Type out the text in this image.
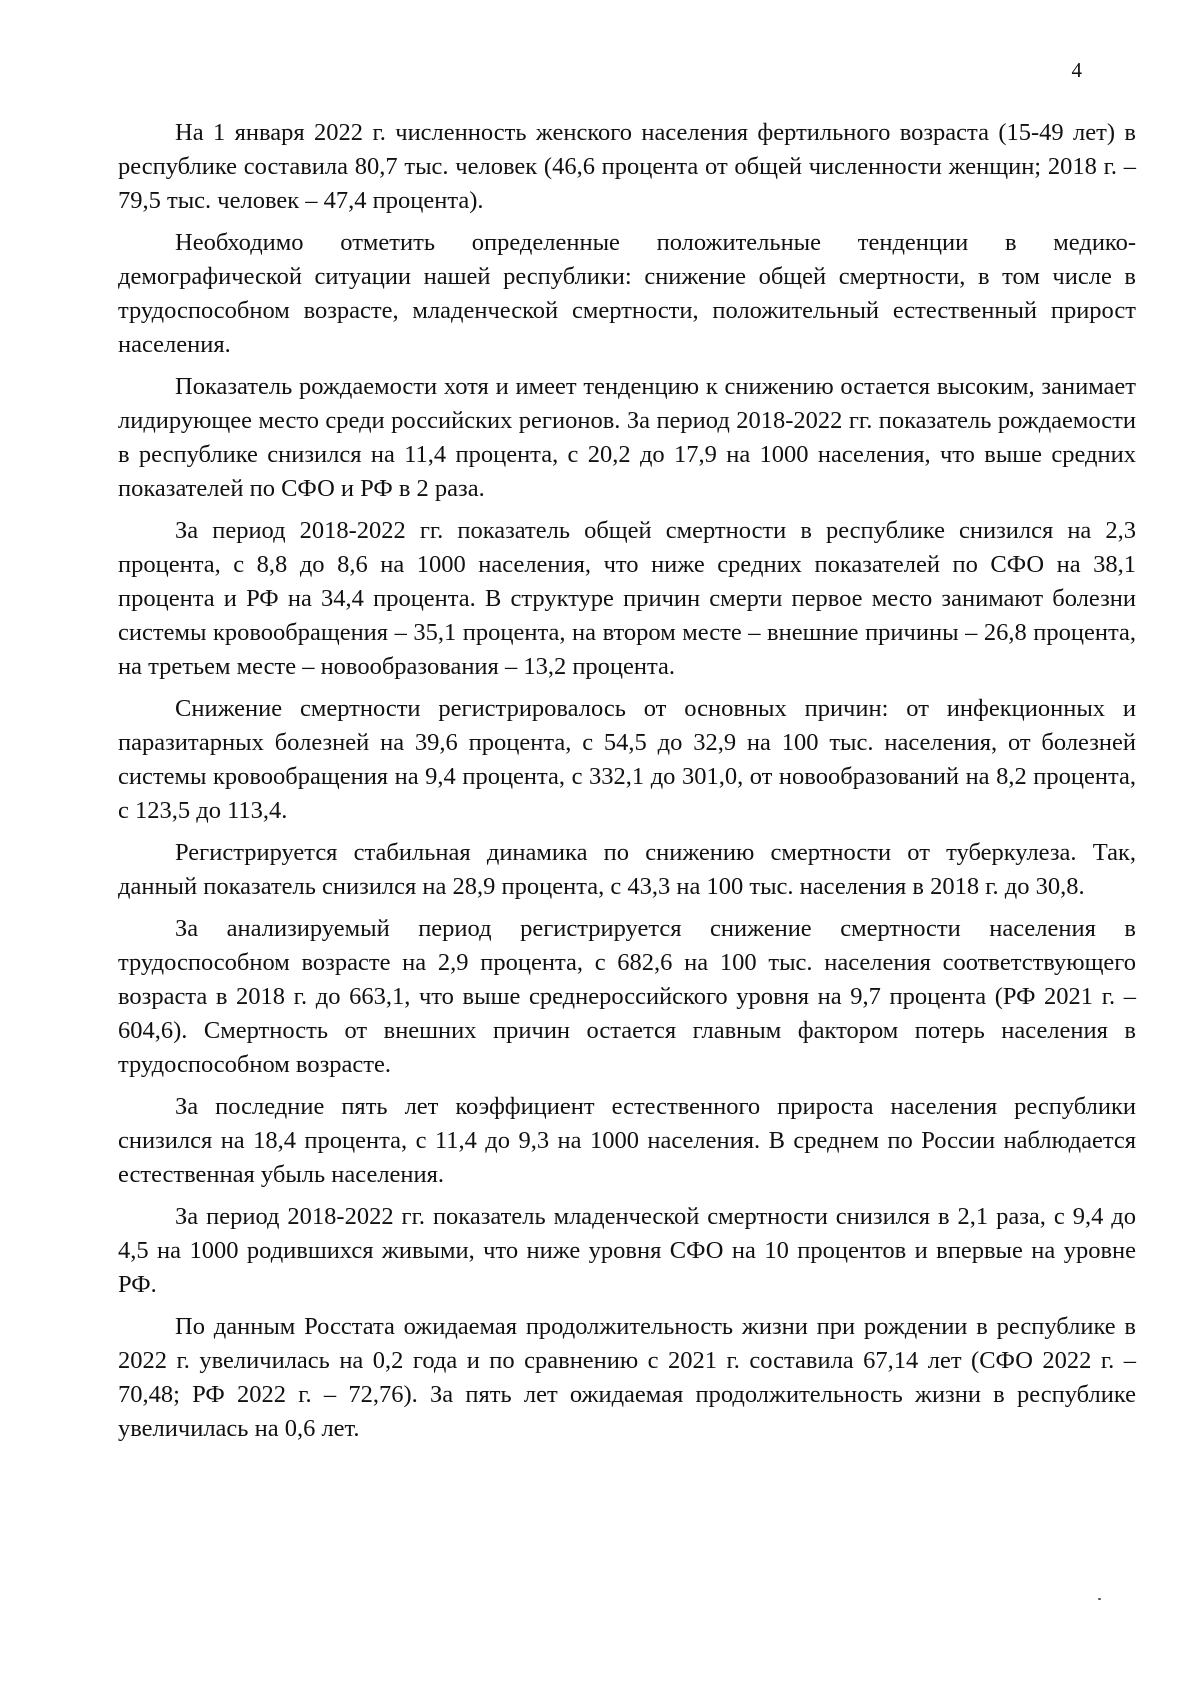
4

На 1 января 2022 г. численность женского населения фертильного возраста (15-49 лет) в республике составила 80,7 тыс. человек (46,6 процента от общей численности женщин; 2018 г. –79,5 тыс. человек – 47,4 процента).

Необходимо отметить определенные положительные тенденции в медико-демографической ситуации нашей республики: снижение общей смертности, в том числе в трудоспособном возрасте, младенческой смертности, положительный естественный прирост населения.

Показатель рождаемости хотя и имеет тенденцию к снижению остается высоким, занимает лидирующее место среди российских регионов. За период 2018-2022 гг. показатель рождаемости в республике снизился на 11,4 процента, с 20,2 до 17,9 на 1000 населения, что выше средних показателей по СФО и РФ в 2 раза.

За период 2018-2022 гг. показатель общей смертности в республике снизился на 2,3 процента, с 8,8 до 8,6 на 1000 населения, что ниже средних показателей по СФО на 38,1 процента и РФ на 34,4 процента. В структуре причин смерти первое место занимают болезни системы кровообращения – 35,1 процента, на втором месте – внешние причины – 26,8 процента, на третьем месте – новообразования – 13,2 процента.

Снижение смертности регистрировалось от основных причин: от инфекционных и паразитарных болезней на 39,6 процента, с 54,5 до 32,9 на 100 тыс. населения, от болезней системы кровообращения на 9,4 процента, с 332,1 до 301,0, от новообразований на 8,2 процента, с 123,5 до 113,4.

Регистрируется стабильная динамика по снижению смертности от туберкулеза. Так, данный показатель снизился на 28,9 процента, с 43,3 на 100 тыс. населения в 2018 г. до 30,8.

За анализируемый период регистрируется снижение смертности населения в трудоспособном возрасте на 2,9 процента, с 682,6 на 100 тыс. населения соответствующего возраста в 2018 г. до 663,1, что выше среднероссийского уровня на 9,7 процента (РФ 2021 г. – 604,6). Смертность от внешних причин остается главным фактором потерь населения в трудоспособном возрасте.

За последние пять лет коэффициент естественного прироста населения республики снизился на 18,4 процента, с 11,4 до 9,3 на 1000 населения. В среднем по России наблюдается естественная убыль населения.

За период 2018-2022 гг. показатель младенческой смертности снизился в 2,1 раза, с 9,4 до 4,5 на 1000 родившихся живыми, что ниже уровня СФО на 10 процентов и впервые на уровне РФ.

По данным Росстата ожидаемая продолжительность жизни при рождении в республике в 2022 г. увеличилась на 0,2 года и по сравнению с 2021 г. составила 67,14 лет (СФО 2022 г. – 70,48; РФ 2022 г. – 72,76). За пять лет ожидаемая продолжительность жизни в республике увеличилась на 0,6 лет.
